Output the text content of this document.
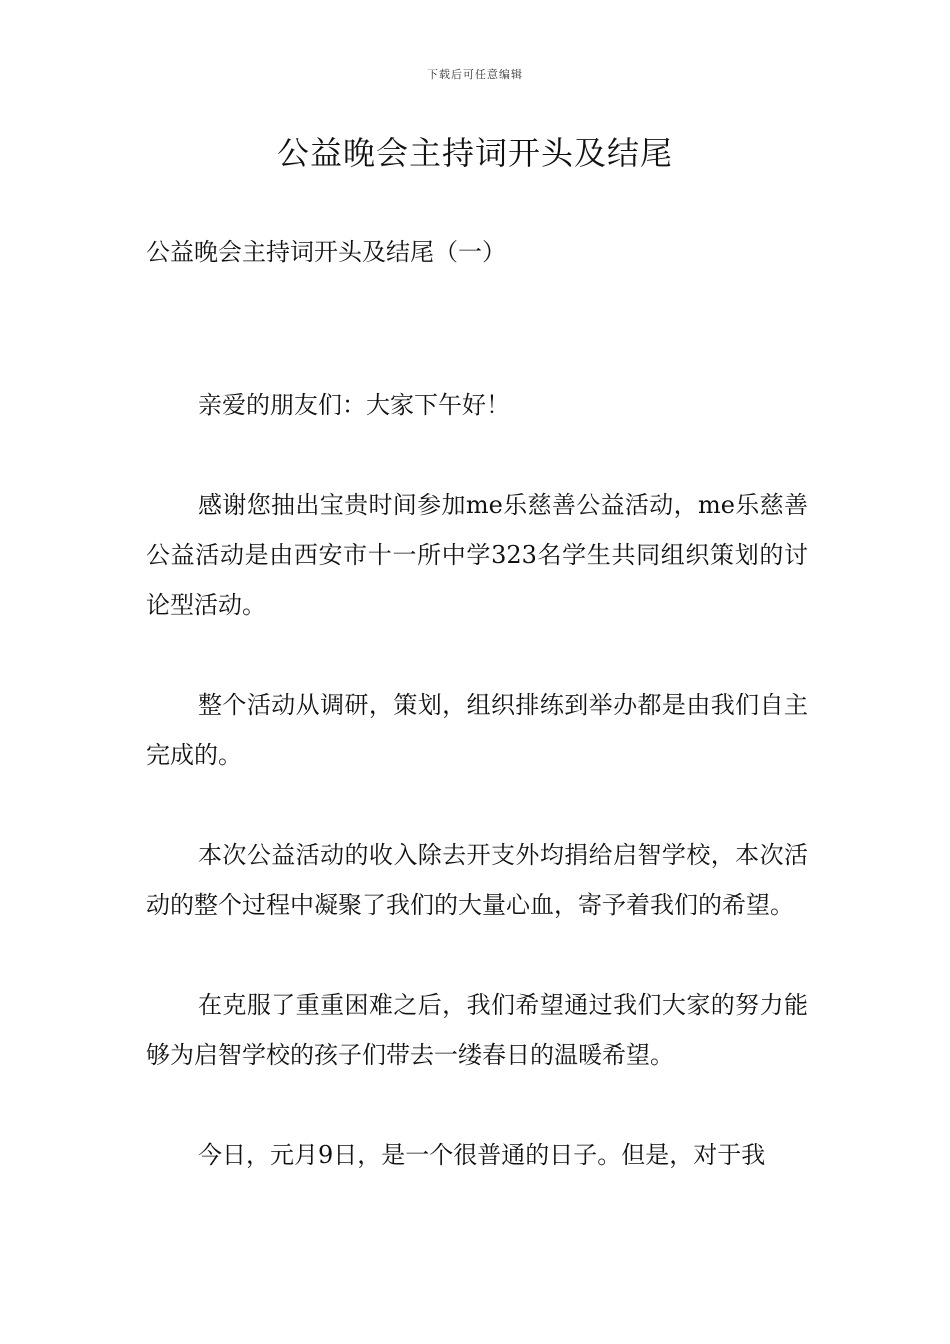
下载后可任意编辑
公益晚会主持词开头及结尾
公益晚会主持词开头及结尾（一）

亲爱的朋友们：大家下午好！

感谢您抽出宝贵时间参加me乐慈善公益活动，me乐慈善公益活动是由西安市十一所中学323名学生共同组织策划的讨论型活动。

整个活动从调研，策划，组织排练到举办都是由我们自主完成的。

本次公益活动的收入除去开支外均捐给启智学校，本次活动的整个过程中凝聚了我们的大量心血，寄予着我们的希望。

在克服了重重困难之后，我们希望通过我们大家的努力能够为启智学校的孩子们带去一缕春日的温暖希望。

今日，元月9日，是一个很普通的日子。但是，对于我
